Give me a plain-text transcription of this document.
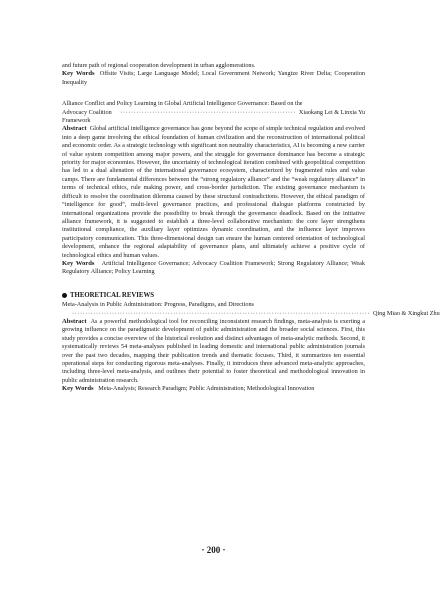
and future path of regional cooperation development in urban agglomerations.

Key Words Offsite Visits; Large Language Model; Local Government Network; Yangtze River Delta; Cooperation Inequality

Alliance Conflict and Policy Learning in Global Artificial Intelligence Governance: Based on the

Advocacy Coalition Framework
·································································· Xiaokang Lei & Linxia Yu

Abstract Global artificial intelligence governance has gone beyond the scope of simple technical regulation and evolved into a deep game involving the ethical foundation of human civilization and the reconstruction of international political and economic order. As a strategic technology with significant non neutrality characteristics, AI is becoming a new carrier of value system competition among major powers, and the struggle for governance dominance has become a strategic priority for major economies. However, the uncertainty of technological iteration combined with geopolitical competition has led to a dual alienation of the international governance ecosystem, characterized by fragmented rules and value camps. There are fundamental differences between the “strong regulatory alliance” and the “weak regulatory alliance” in terms of technical ethics, rule making power, and cross-border jurisdiction. The existing governance mechanism is difficult to resolve the coordination dilemma caused by these structural contradictions. However, the ethical paradigm of “intelligence for good”, multi-level governance practices, and professional dialogue platforms constructed by international organizations provide the possibility to break through the governance deadlock. Based on the initiative alliance framework, it is suggested to establish a three-level collaborative mechanism: the core layer strengthens institutional compliance, the auxiliary layer optimizes dynamic coordination, and the influence layer improves participatory communication. This three-dimensional design can ensure the human centered orientation of technological development, enhance the regional adaptability of governance plans, and ultimately achieve a positive cycle of technological ethics and human values.

Key Words Artificial Intelligence Governance; Advocacy Coalition Framework; Strong Regulatory Alliance; Weak Regulatory Alliance; Policy Learning

THEORETICAL REVIEWS

Meta-Analysis in Public Administration: Progress, Paradigms, and Directions

················································································································ Qing Miao & Xingkui Zhu

Abstract As a powerful methodological tool for reconciling inconsistent research findings, meta-analysis is exerting a growing influence on the paradigmatic development of public administration and the broader social sciences. First, this study provides a concise overview of the historical evolution and distinct advantages of meta-analytic methods. Second, it systematically reviews 54 meta-analyses published in leading domestic and international public administration journals over the past two decades, mapping their publication trends and thematic focuses. Third, it summarizes ten essential operational steps for conducting rigorous meta-analyses. Finally, it introduces three advanced meta-analytic approaches, including three-level meta-analysis, and outlines their potential to foster theoretical and methodological innovation in public administration research.

Key Words Meta-Analysis; Research Paradigm; Public Administration; Methodological Innovation

· 200 ·
